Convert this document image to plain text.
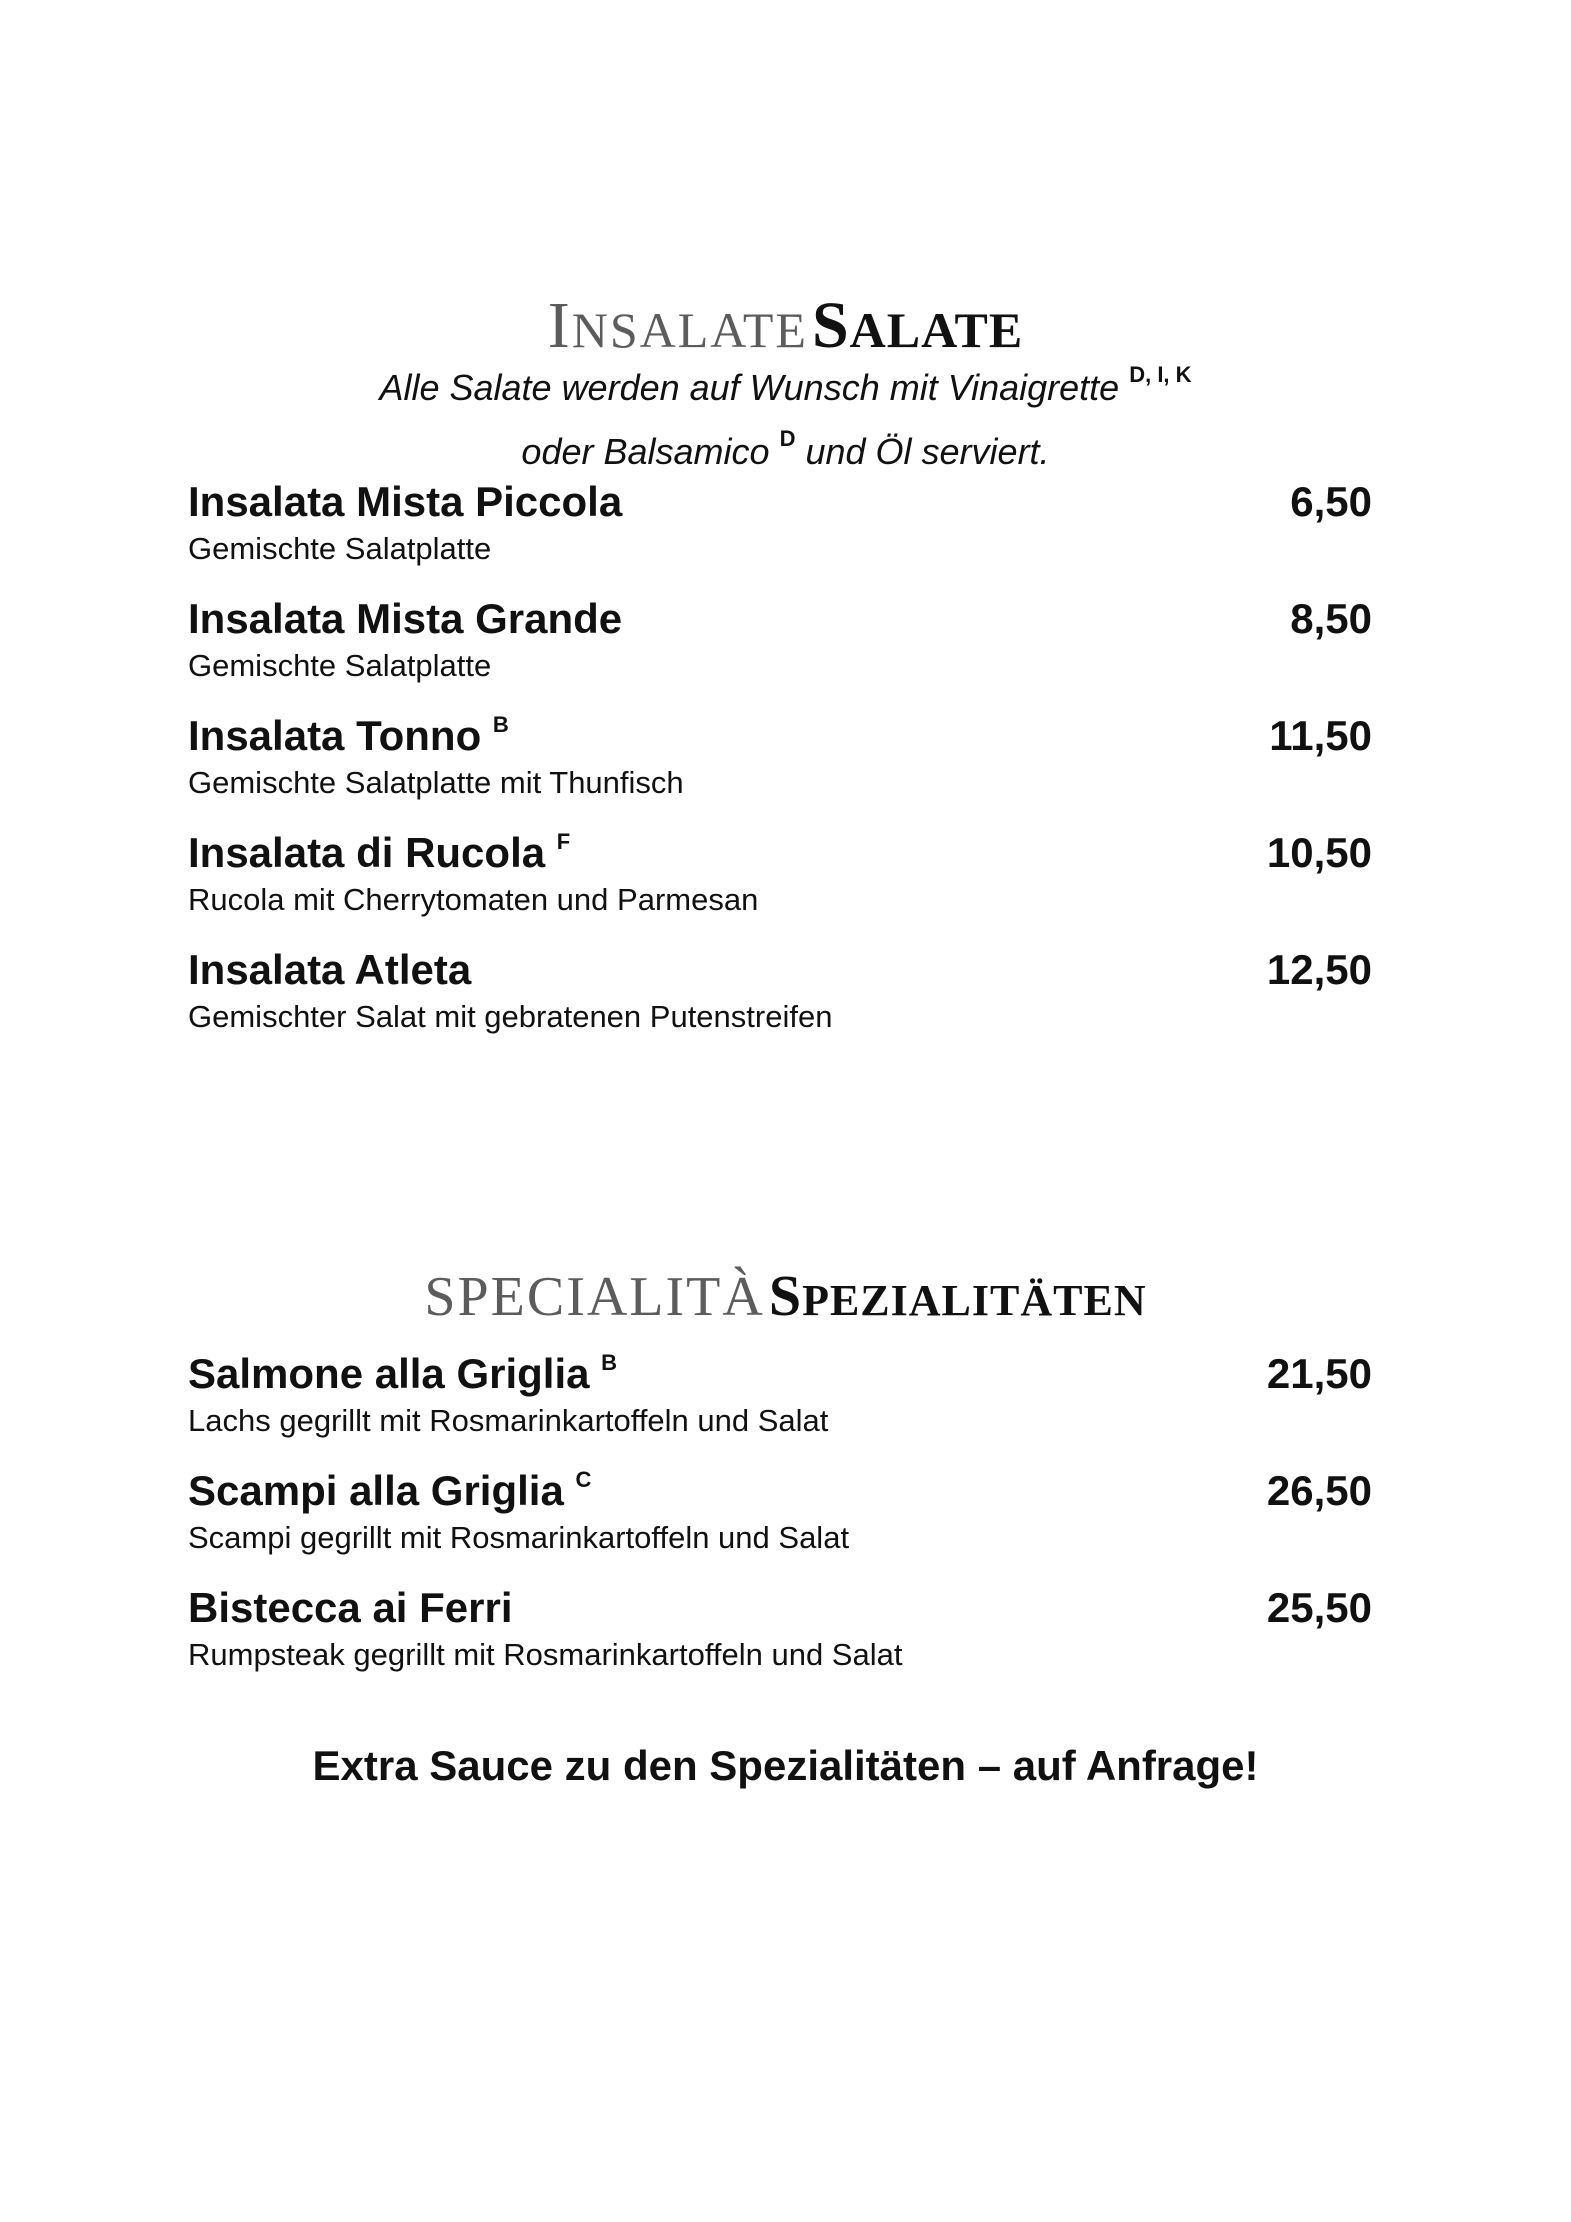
INSALATE SALATE
Alle Salate werden auf Wunsch mit Vinaigrette $^{D, I, K}$
oder Balsamico $^D$ und Öl serviert.
Insalata Mista Piccola	6,50
Gemischte Salatplatte
Insalata Mista Grande	8,50
Gemischte Salatplatte
Insalata Tonno $^B$	11,50
Gemischte Salatplatte mit Thunfisch
Insalata di Rucola $^F$	10,50
Rucola mit Cherrytomaten und Parmesan
Insalata Atleta	12,50
Gemischter Salat mit gebratenen Putenstreifen
SPECIALITÀ SPEZIALITÄTEN
Salmone alla Griglia $^B$	21,50
Lachs gegrillt mit Rosmarinkartoffeln und Salat
Scampi alla Griglia $^C$	26,50
Scampi gegrillt mit Rosmarinkartoffeln und Salat
Bistecca ai Ferri	25,50
Rumpsteak gegrillt mit Rosmarinkartoffeln und Salat
Extra Sauce zu den Spezialitäten – auf Anfrage!
